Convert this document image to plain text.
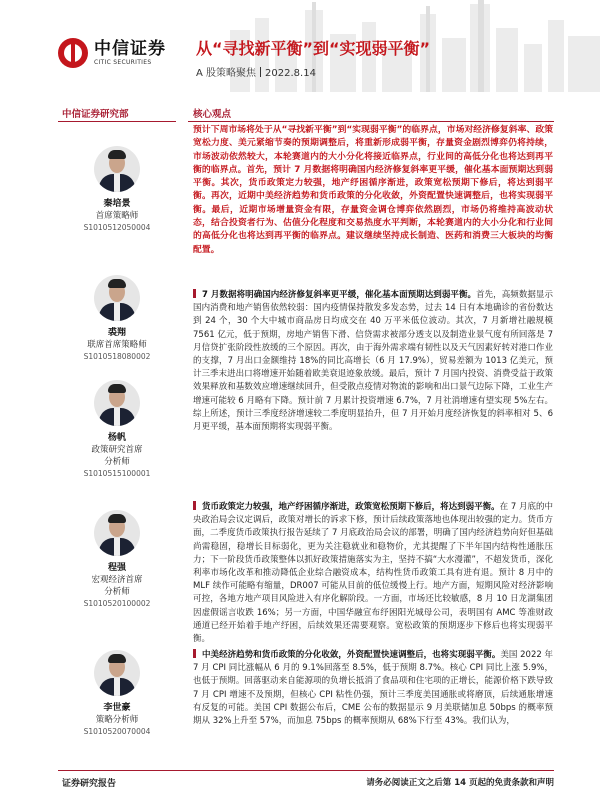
中信证券
CITIC SECURITIES
从“寻找新平衡”到“实现弱平衡”
A 股策略聚焦 2022.8.14
中信证券研究部
秦培景
首席策略师
S1010512050004
裘翔
联席首席策略师
S1010518080002
杨帆
政策研究首席
分析师
S1010515100001
程强
宏观经济首席
分析师
S1010520100002
李世豪
策略分析师
S1010520070004
核心观点
预计下周市场将处于从“寻找新平衡”到“实现弱平衡”的临界点，市场对经济修复斜率、政策宽松力度、美元紧缩节奏的预期调整后，将重新形成弱平衡，存量资金剧烈博弈仍将持续，市场波动依然较大，本轮赛道内的大小分化将接近临界点，行业间的高低分化也将达到再平衡的临界点。首先，预计 7 月数据将明确国内经济修复斜率更平缓，催化基本面预期达到弱平衡。其次，货币政策定力较强，地产纾困循序渐进，政策宽松预期下修后，将达到弱平衡。再次，近期中美经济趋势和货币政策的分化收敛，外资配置快速调整后，也将实现弱平衡。最后，近期市场增量资金有限，存量资金调仓博弈依然剧烈，市场仍将维持高波动状态，结合投资者行为、估值分化程度和交易热度水平判断，本轮赛道内的大小分化和行业间的高低分化也将达到再平衡的临界点。建议继续坚持成长制造、医药和消费三大板块的均衡配置。
7 月数据将明确国内经济修复斜率更平缓，催化基本面预期达到弱平衡。首先，高频数据显示国内消费和地产销售依然较弱：国内疫情保持散发多发态势，过去 14 日有本地确诊的省份数达到 24 个，30 个大中城市商品房日均成交在 40 万平米低位波动。其次，7 月新增社融规模 7561 亿元，低于预期，房地产销售下滑、信贷需求被部分透支以及制造业景气度有所回落是 7 月信贷扩张阶段性放缓的三个原因。再次，由于海外需求端有韧性以及天气因素好转对港口作业的支撑，7 月出口金额维持 18%的同比高增长（6 月 17.9%），贸易差额为 1013 亿美元，预计三季末进出口将增速开始随着欧美衰退迹象放缓。最后，预计 7 月国内投资、消费受益于政策效果释放和基数效应增速继续回升，但受散点疫情对物流的影响和出口景气边际下降，工业生产增速可能较 6 月略有下降。预计前 7 月累计投资增速 6.7%，7 月社消增速有望实现 5%左右。综上所述，预计三季度经济增速较二季度明显抬升，但 7 月开始月度经济恢复的斜率相对 5、6 月更平缓，基本面预期将实现弱平衡。
货币政策定力较强，地产纾困循序渐进，政策宽松预期下修后，将达到弱平衡。在 7 月底的中央政治局会议定调后，政策对增长的诉求下修，预计后续政策落地也体现出较强的定力。货币方面，二季度货币政策执行报告延续了 7 月底政治局会议的部署，明确了国内经济趋势向好但基础尚需稳固，稳增长目标弱化，更为关注稳就业和稳物价，尤其提醒了下半年国内结构性通胀压力；下一阶段货币政策整体以抓好政策措施落实为主，坚持不搞“大水漫灌”，不超发货币，深化利率市场化改革和推动降低企业综合融资成本，结构性货币政策工具有进有退。预计 8 月中的 MLF 续作可能略有缩量，DR007 可能从目前的低位缓慢上行。地产方面，短期风险对经济影响可控，各地方地产项目风险进入有序化解阶段。一方面，市场还比较敏感，8 月 10 日龙湖集团因虚假谣言收跌 16%；另一方面，中国华融宣布纾困阳光城母公司，表明国有 AMC 等准财政通道已经开始着手地产纾困，后续效果还需要观察。宽松政策的预期逐步下修后也将实现弱平衡。
中美经济趋势和货币政策的分化收敛，外资配置快速调整后，也将实现弱平衡。美国 2022 年 7 月 CPI 同比涨幅从 6 月的 9.1%回落至 8.5%，低于预期 8.7%。核心 CPI 同比上涨 5.9%，也低于预期。回落驱动来自能源项的负增长抵消了食品项和住宅项的正增长，能源价格下跌导致 7 月 CPI 增速不及预期，但核心 CPI 粘性仍强，预计三季度美国通胀或将磨顶，后续通胀增速有反复的可能。美国 CPI 数据公布后，CME 公布的数据显示 9 月美联储加息 50bps 的概率预期从 32%上升至 57%，而加息 75bps 的概率预期从 68%下行至 43%。我们认为，
证券研究报告	请务必阅读正文之后第 14 页起的免责条款和声明
